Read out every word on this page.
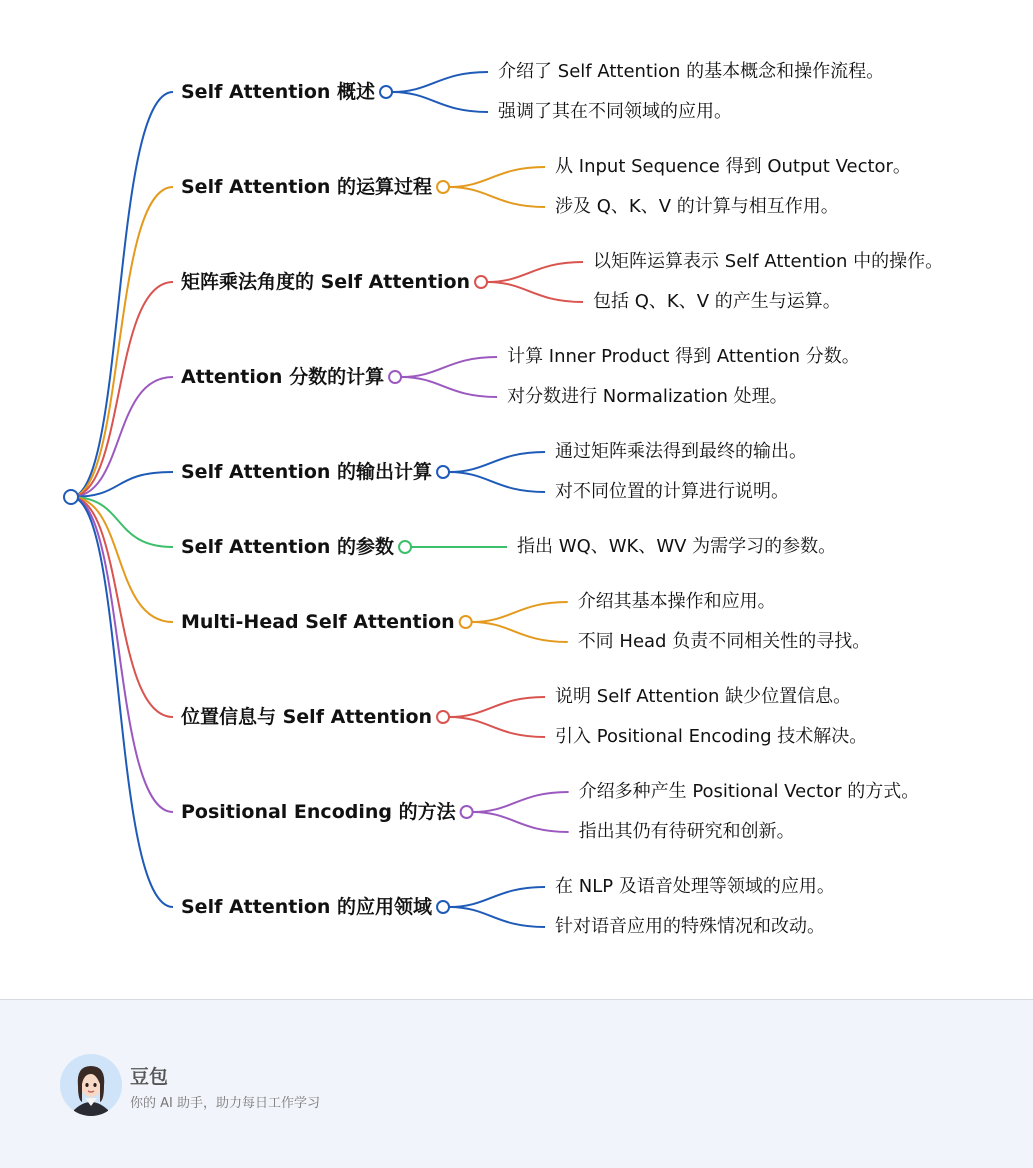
Self Attention 概述
介绍了 Self Attention 的基本概念和操作流程。
强调了其在不同领域的应用。
Self Attention 的运算过程
从 Input Sequence 得到 Output Vector。
涉及 Q、K、V 的计算与相互作用。
矩阵乘法角度的 Self Attention
以矩阵运算表示 Self Attention 中的操作。
包括 Q、K、V 的产生与运算。
Attention 分数的计算
计算 Inner Product 得到 Attention 分数。
对分数进行 Normalization 处理。
Self Attention 的输出计算
通过矩阵乘法得到最终的输出。
对不同位置的计算进行说明。
Self Attention 的参数	指出 WQ、WK、WV 为需学习的参数。
Multi-Head Self Attention
介绍其基本操作和应用。
不同 Head 负责不同相关性的寻找。
位置信息与 Self Attention
说明 Self Attention 缺少位置信息。
引入 Positional Encoding 技术解决。
Positional Encoding 的方法
介绍多种产生 Positional Vector 的方式。
指出其仍有待研究和创新。
Self Attention 的应用领域
在 NLP 及语音处理等领域的应用。
针对语音应用的特殊情况和改动。
豆包
你的 AI 助手，助力每日工作学习
